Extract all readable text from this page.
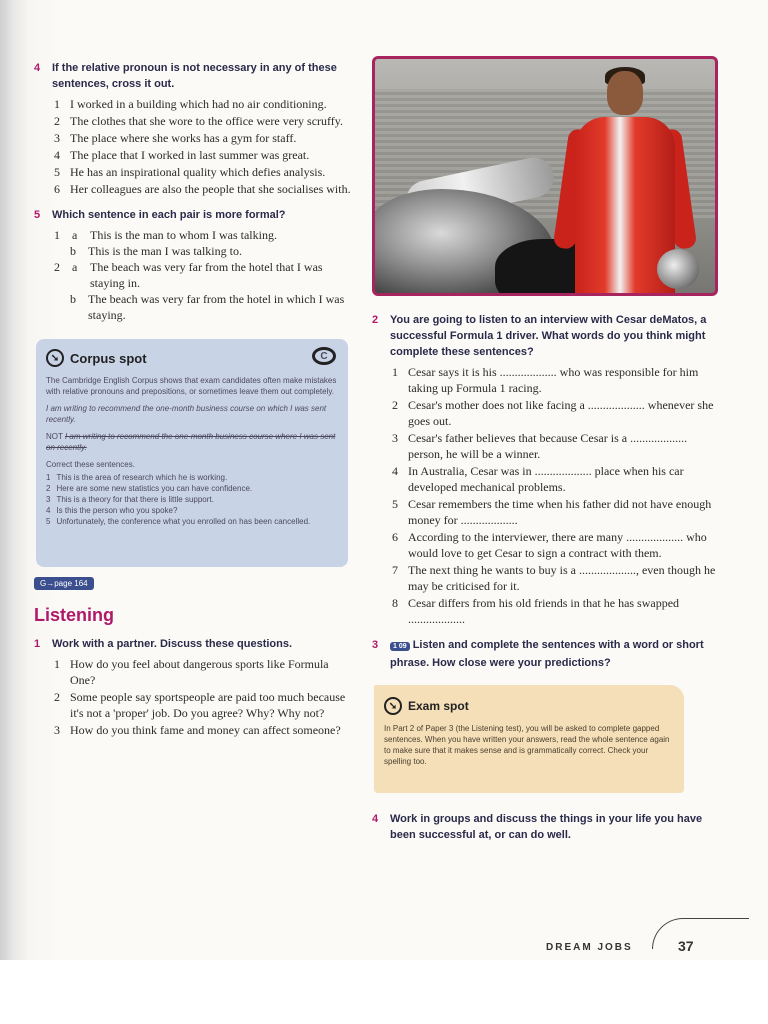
4	If the relative pronoun is not necessary in any of these sentences, cross it out.
1 I worked in a building which had no air conditioning.
2 The clothes that she wore to the office were very scruffy.
3 The place where she works has a gym for staff.
4 The place that I worked in last summer was great.
5 He has an inspirational quality which defies analysis.
6 Her colleagues are also the people that she socialises with.
5	Which sentence in each pair is more formal?
1	a	This is the man to whom I was talking.
b	This is the man I was talking to.
2	a	The beach was very far from the hotel that I was staying in.
b	The beach was very far from the hotel in which I was staying.
➘ Corpus spot	C

The Cambridge English Corpus shows that exam candidates often make mistakes with relative pronouns and prepositions, or sometimes leave them out completely.

I am writing to recommend the one-month business course on which I was sent recently.

NOT I am writing to recommend the one-month business course where I was sent on recently.

Correct these sentences.

1 This is the area of research which he is working.
2 Here are some new statistics you can have confidence.
3 This is a theory for that there is little support.
4 Is this the person who you spoke?
5 Unfortunately, the conference what you enrolled on has been cancelled.
G→page 164
Listening
1	Work with a partner. Discuss these questions.
1 How do you feel about dangerous sports like Formula One?
2 Some people say sportspeople are paid too much because it's not a 'proper' job. Do you agree? Why? Why not?
3 How do you think fame and money can affect someone?
2	You are going to listen to an interview with Cesar deMatos, a successful Formula 1 driver. What words do you think might complete these sentences?
1 Cesar says it is his ................... who was responsible for him taking up Formula 1 racing.
2 Cesar's mother does not like facing a ................... whenever she goes out.
3 Cesar's father believes that because Cesar is a ................... person, he will be a winner.
4 In Australia, Cesar was in ................... place when his car developed mechanical problems.
5 Cesar remembers the time when his father did not have enough money for ...................
6 According to the interviewer, there are many ................... who would love to get Cesar to sign a contract with them.
7 The next thing he wants to buy is a ..................., even though he may be criticised for it.
8 Cesar differs from his old friends in that he has swapped ...................
3	1 09 Listen and complete the sentences with a word or short phrase. How close were your predictions?
➘ Exam spot

In Part 2 of Paper 3 (the Listening test), you will be asked to complete gapped sentences. When you have written your answers, read the whole sentence again to make sure that it makes sense and is grammatically correct. Check your spelling too.

4	Work in groups and discuss the things in your life you have been successful at, or can do well.
DREAM JOBS	37
